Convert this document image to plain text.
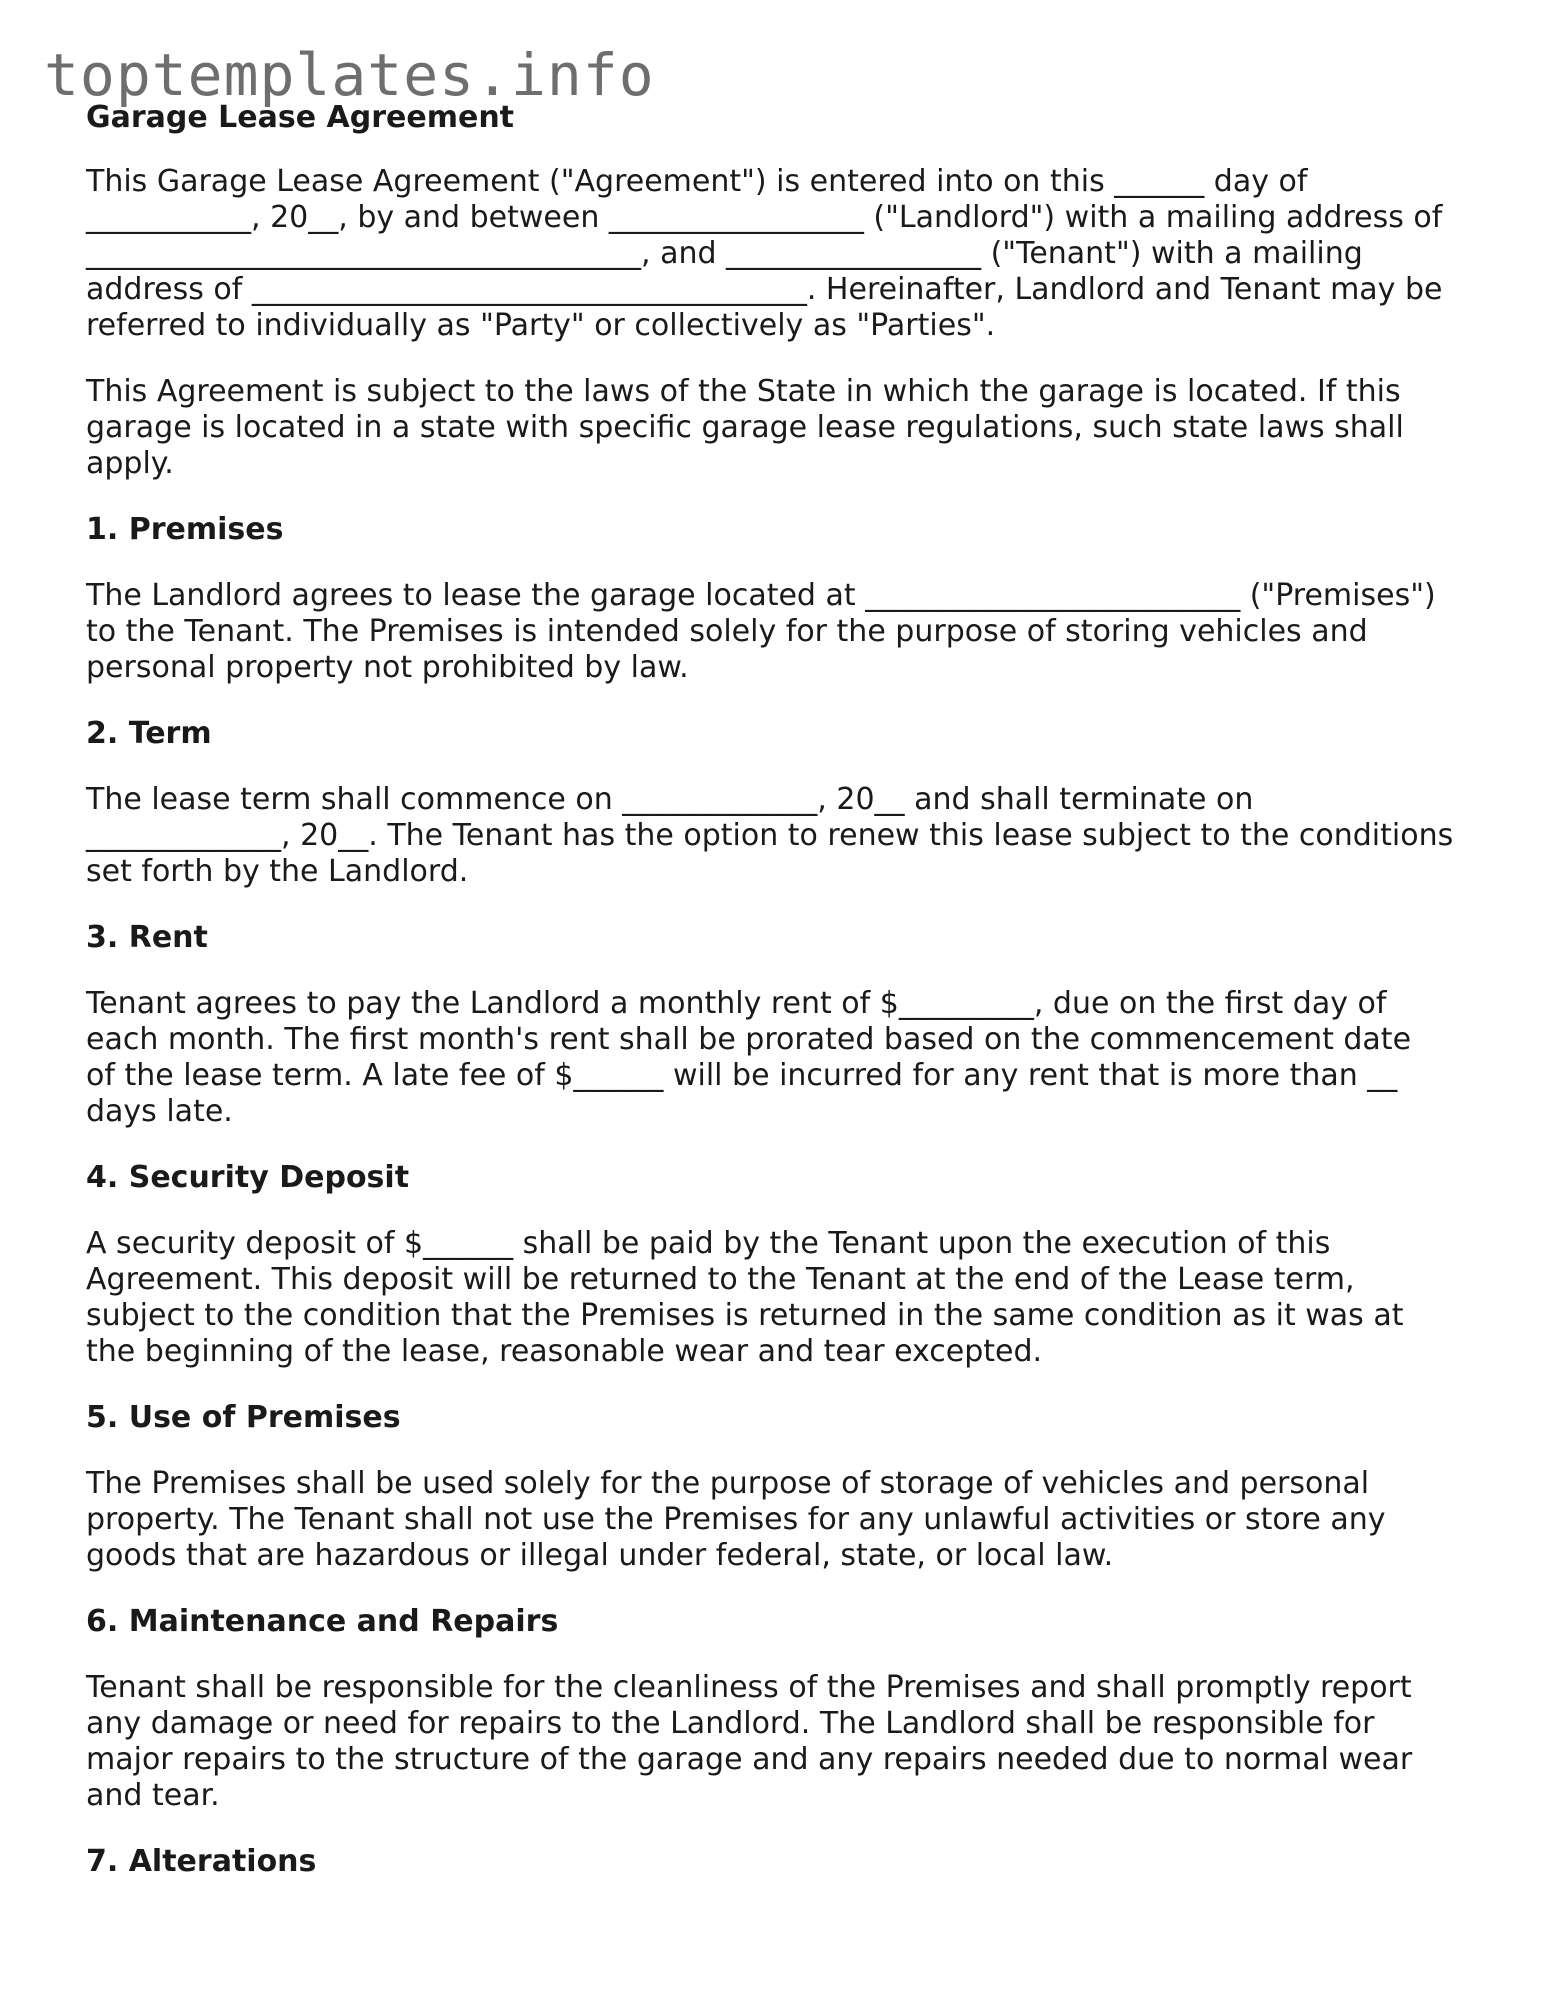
toptemplates.info
Garage Lease Agreement
This Garage Lease Agreement ("Agreement") is entered into on this ______ day of
___________, 20__, by and between _________________ ("Landlord") with a mailing address of
_____________________________________, and _________________ ("Tenant") with a mailing
address of _____________________________________. Hereinafter, Landlord and Tenant may be
referred to individually as "Party" or collectively as "Parties".
This Agreement is subject to the laws of the State in which the garage is located. If this
garage is located in a state with specific garage lease regulations, such state laws shall
apply.
1. Premises
The Landlord agrees to lease the garage located at _________________________ ("Premises")
to the Tenant. The Premises is intended solely for the purpose of storing vehicles and
personal property not prohibited by law.
2. Term
The lease term shall commence on _____________, 20__ and shall terminate on
_____________, 20__. The Tenant has the option to renew this lease subject to the conditions
set forth by the Landlord.
3. Rent
Tenant agrees to pay the Landlord a monthly rent of $_________, due on the first day of
each month. The first month's rent shall be prorated based on the commencement date
of the lease term. A late fee of $______ will be incurred for any rent that is more than __
days late.
4. Security Deposit
A security deposit of $______ shall be paid by the Tenant upon the execution of this
Agreement. This deposit will be returned to the Tenant at the end of the Lease term,
subject to the condition that the Premises is returned in the same condition as it was at
the beginning of the lease, reasonable wear and tear excepted.
5. Use of Premises
The Premises shall be used solely for the purpose of storage of vehicles and personal
property. The Tenant shall not use the Premises for any unlawful activities or store any
goods that are hazardous or illegal under federal, state, or local law.
6. Maintenance and Repairs
Tenant shall be responsible for the cleanliness of the Premises and shall promptly report
any damage or need for repairs to the Landlord. The Landlord shall be responsible for
major repairs to the structure of the garage and any repairs needed due to normal wear
and tear.
7. Alterations
